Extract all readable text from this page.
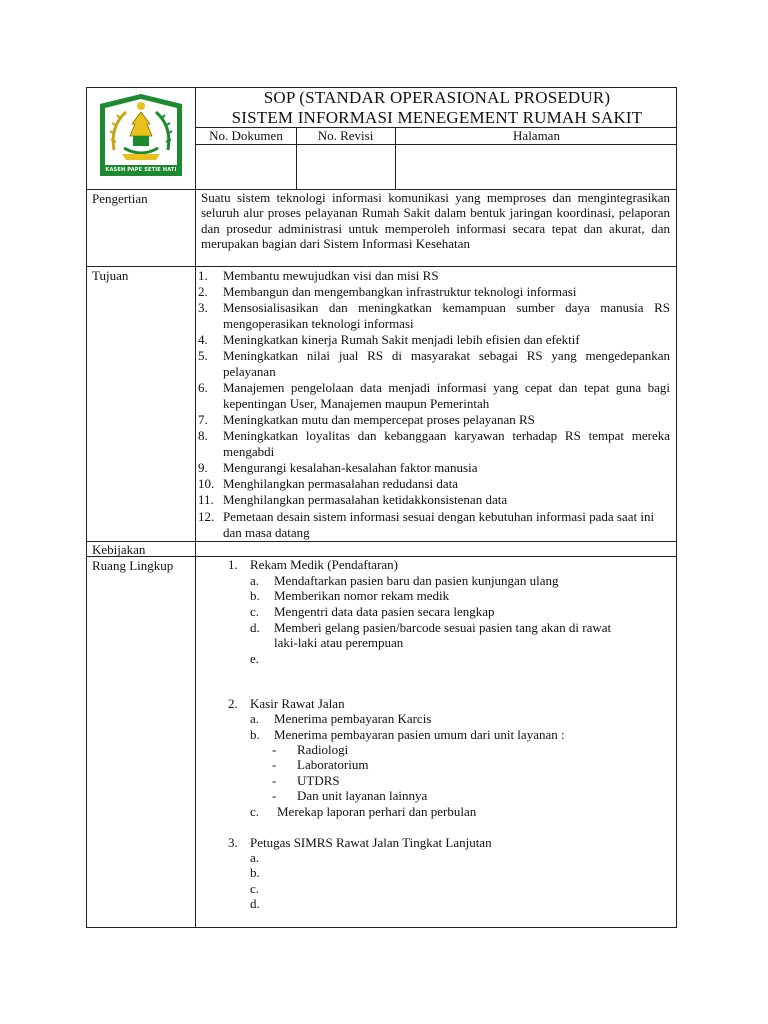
KASEH PAPE SETIE HATI
SOP (STANDAR OPERASIONAL PROSEDUR)
SISTEM INFORMASI MENEGEMENT RUMAH SAKIT
No. Dokumen	No. Revisi	Halaman
Pengertian	Suatu sistem teknologi informasi komunikasi yang memproses dan mengintegrasikan seluruh alur proses pelayanan Rumah Sakit dalam bentuk jaringan koordinasi, pelaporan dan prosedur administrasi untuk memperoleh informasi secara tepat dan akurat, dan merupakan bagian dari Sistem Informasi Kesehatan
Tujuan	1.	Membantu mewujudkan visi dan misi RS
2.	Membangun dan mengembangkan infrastruktur teknologi informasi
3.	Mensosialisasikan dan meningkatkan kemampuan sumber daya manusia RS mengoperasikan teknologi informasi
4.	Meningkatkan kinerja Rumah Sakit menjadi lebih efisien dan efektif
5.	Meningkatkan nilai jual RS di masyarakat sebagai RS yang mengedepankan pelayanan
6.	Manajemen pengelolaan data menjadi informasi yang cepat dan tepat guna bagi kepentingan User, Manajemen maupun Pemerintah
7.	Meningkatkan mutu dan mempercepat proses pelayanan RS
8.	Meningkatkan loyalitas dan kebanggaan karyawan terhadap RS tempat mereka mengabdi
9.	Mengurangi kesalahan-kesalahan faktor manusia
10. Menghilangkan permasalahan redudansi data
11. Menghilangkan permasalahan ketidakkonsistenan data
12. Pemetaan desain sistem informasi sesuai dengan kebutuhan informasi pada saat ini dan masa datang
Kebijakan
Ruang Lingkup	1. Rekam Medik (Pendaftaran)
a. Mendaftarkan pasien baru dan pasien kunjungan ulang
b. Memberikan nomor rekam medik
c. Mengentri data data pasien secara lengkap
d. Memberi gelang pasien/barcode sesuai pasien tang akan di rawat
laki-laki atau perempuan
e.
2. Kasir Rawat Jalan
a. Menerima pembayaran Karcis
b. Menerima pembayaran pasien umum dari unit layanan :
- Radiologi
- Laboratorium
- UTDRS
- Dan unit layanan lainnya
c. Merekap laporan perhari dan perbulan
3. Petugas SIMRS Rawat Jalan Tingkat Lanjutan
a.
b.
c.
d.
